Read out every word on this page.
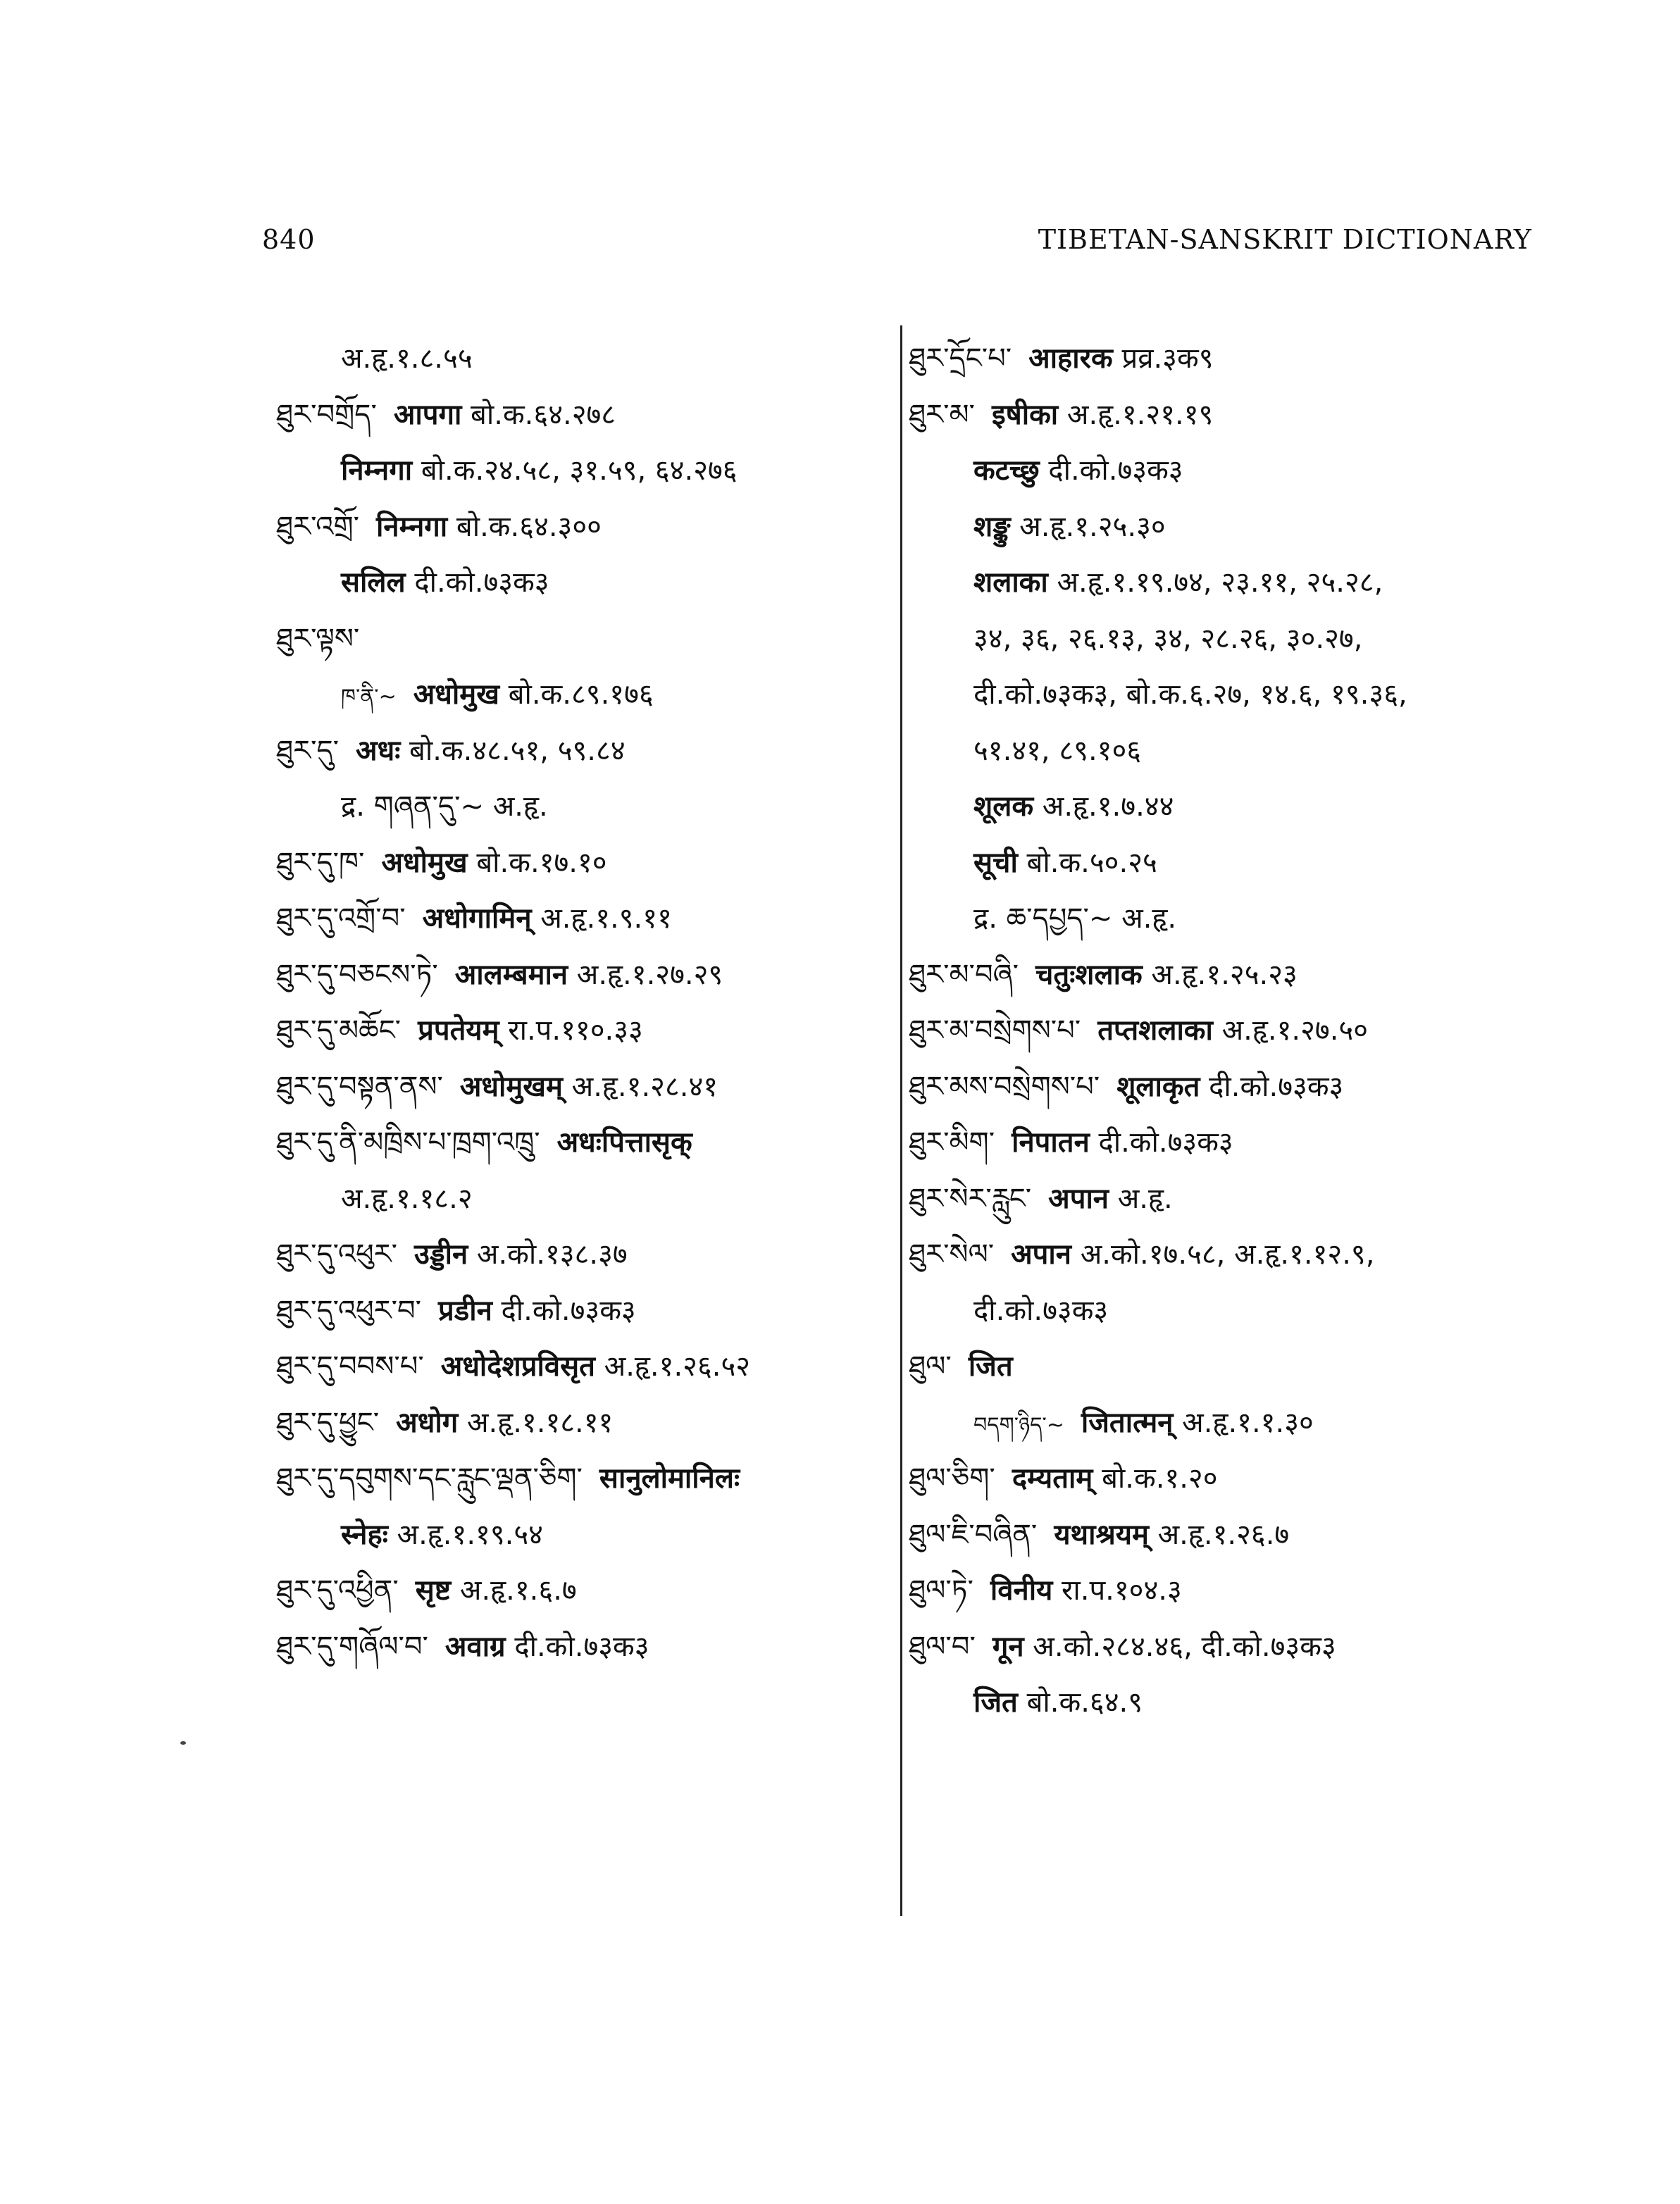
840	TIBETAN-SANSKRIT DICTIONARY
अ.हृ.१.८.५५
ཐུར་བགྲོད་ आपगा बो.क.६४.२७८
निम्नगा बो.क.२४.५८, ३१.५९, ६४.२७६
ཐུར་འགྲོ་ निम्नगा बो.क.६४.३००
सलिल दी.को.७३क३
ཐུར་ལྟས་
ཁ་ནི་~ अधोमुख बो.क.८९.१७६
ཐུར་དུ་ अधः बो.क.४८.५१, ५९.८४
द्र. གཞན་དུ་~ अ.हृ.
ཐུར་དུ་ཁ་ अधोमुख बो.क.१७.१०
ཐུར་དུ་འགྲོ་བ་ अधोगामिन् अ.हृ.१.९.११
ཐུར་དུ་བཅངས་ཏེ་ आलम्बमान अ.हृ.१.२७.२९
ཐུར་དུ་མཆོང་ प्रपतेयम् रा.प.११०.३३
ཐུར་དུ་བསྟན་ནས་ अधोमुखम् अ.हृ.१.२८.४१
ཐུར་དུ་ནི་མཁྲིས་པ་ཁྲག་འཁྲུ་ अधःपित्तासृक्
अ.हृ.१.१८.२
ཐུར་དུ་འཕུར་ उड्डीन अ.को.१३८.३७
ཐུར་དུ་འཕུར་བ་ प्रडीन दी.को.७३क३
ཐུར་དུ་བབས་པ་ अधोदेशप्रविसृत अ.हृ.१.२६.५२
ཐུར་དུ་ཕྱུང་ अधोग अ.हृ.१.१८.११
ཐུར་དུ་དབུགས་དང་རླུང་ལྡན་ཅིག་ सानुलोमानिलः
स्नेहः अ.हृ.१.१९.५४
ཐུར་དུ་འཕྱིན་ सृष्ट अ.हृ.१.६.७
ཐུར་དུ་གཞོལ་བ་ अवाग्र दी.को.७३क३
ཐུར་དྲོང་པ་ आहारक प्रव्र.३क९
ཐུར་མ་ इषीका अ.हृ.१.२१.१९
कटच्छु दी.को.७३क३
शङ्कु अ.हृ.१.२५.३०
शलाका अ.हृ.१.१९.७४, २३.११, २५.२८,
३४, ३६, २६.१३, ३४, २८.२६, ३०.२७,
दी.को.७३क३, बो.क.६.२७, १४.६, १९.३६,
५१.४१, ८९.१०६
शूलक अ.हृ.१.७.४४
सूची बो.क.५०.२५
द्र. ཆ་དཔྱད་~ अ.हृ.
ཐུར་མ་བཞི་ चतुःशलाक अ.हृ.१.२५.२३
ཐུར་མ་བསྲེགས་པ་ तप्तशलाका अ.हृ.१.२७.५०
ཐུར་མས་བསྲེགས་པ་ शूलाकृत दी.को.७३क३
ཐུར་མིག་ निपातन दी.को.७३क३
ཐུར་སེར་རླུང་ अपान अ.हृ.
ཐུར་སེལ་ अपान अ.को.१७.५८, अ.हृ.१.१२.९,
दी.को.७३क३
ཐུལ་ जित
བདག་ཉིད་~ जितात्मन् अ.हृ.१.१.३०
ཐུལ་ཅིག་ दम्यताम् बो.क.१.२०
ཐུལ་ཇི་བཞིན་ यथाश्रयम् अ.हृ.१.२६.७
ཐུལ་ཏེ་ विनीय रा.प.१०४.३
ཐུལ་བ་ गून अ.को.२८४.४६, दी.को.७३क३
जित बो.क.६४.९
